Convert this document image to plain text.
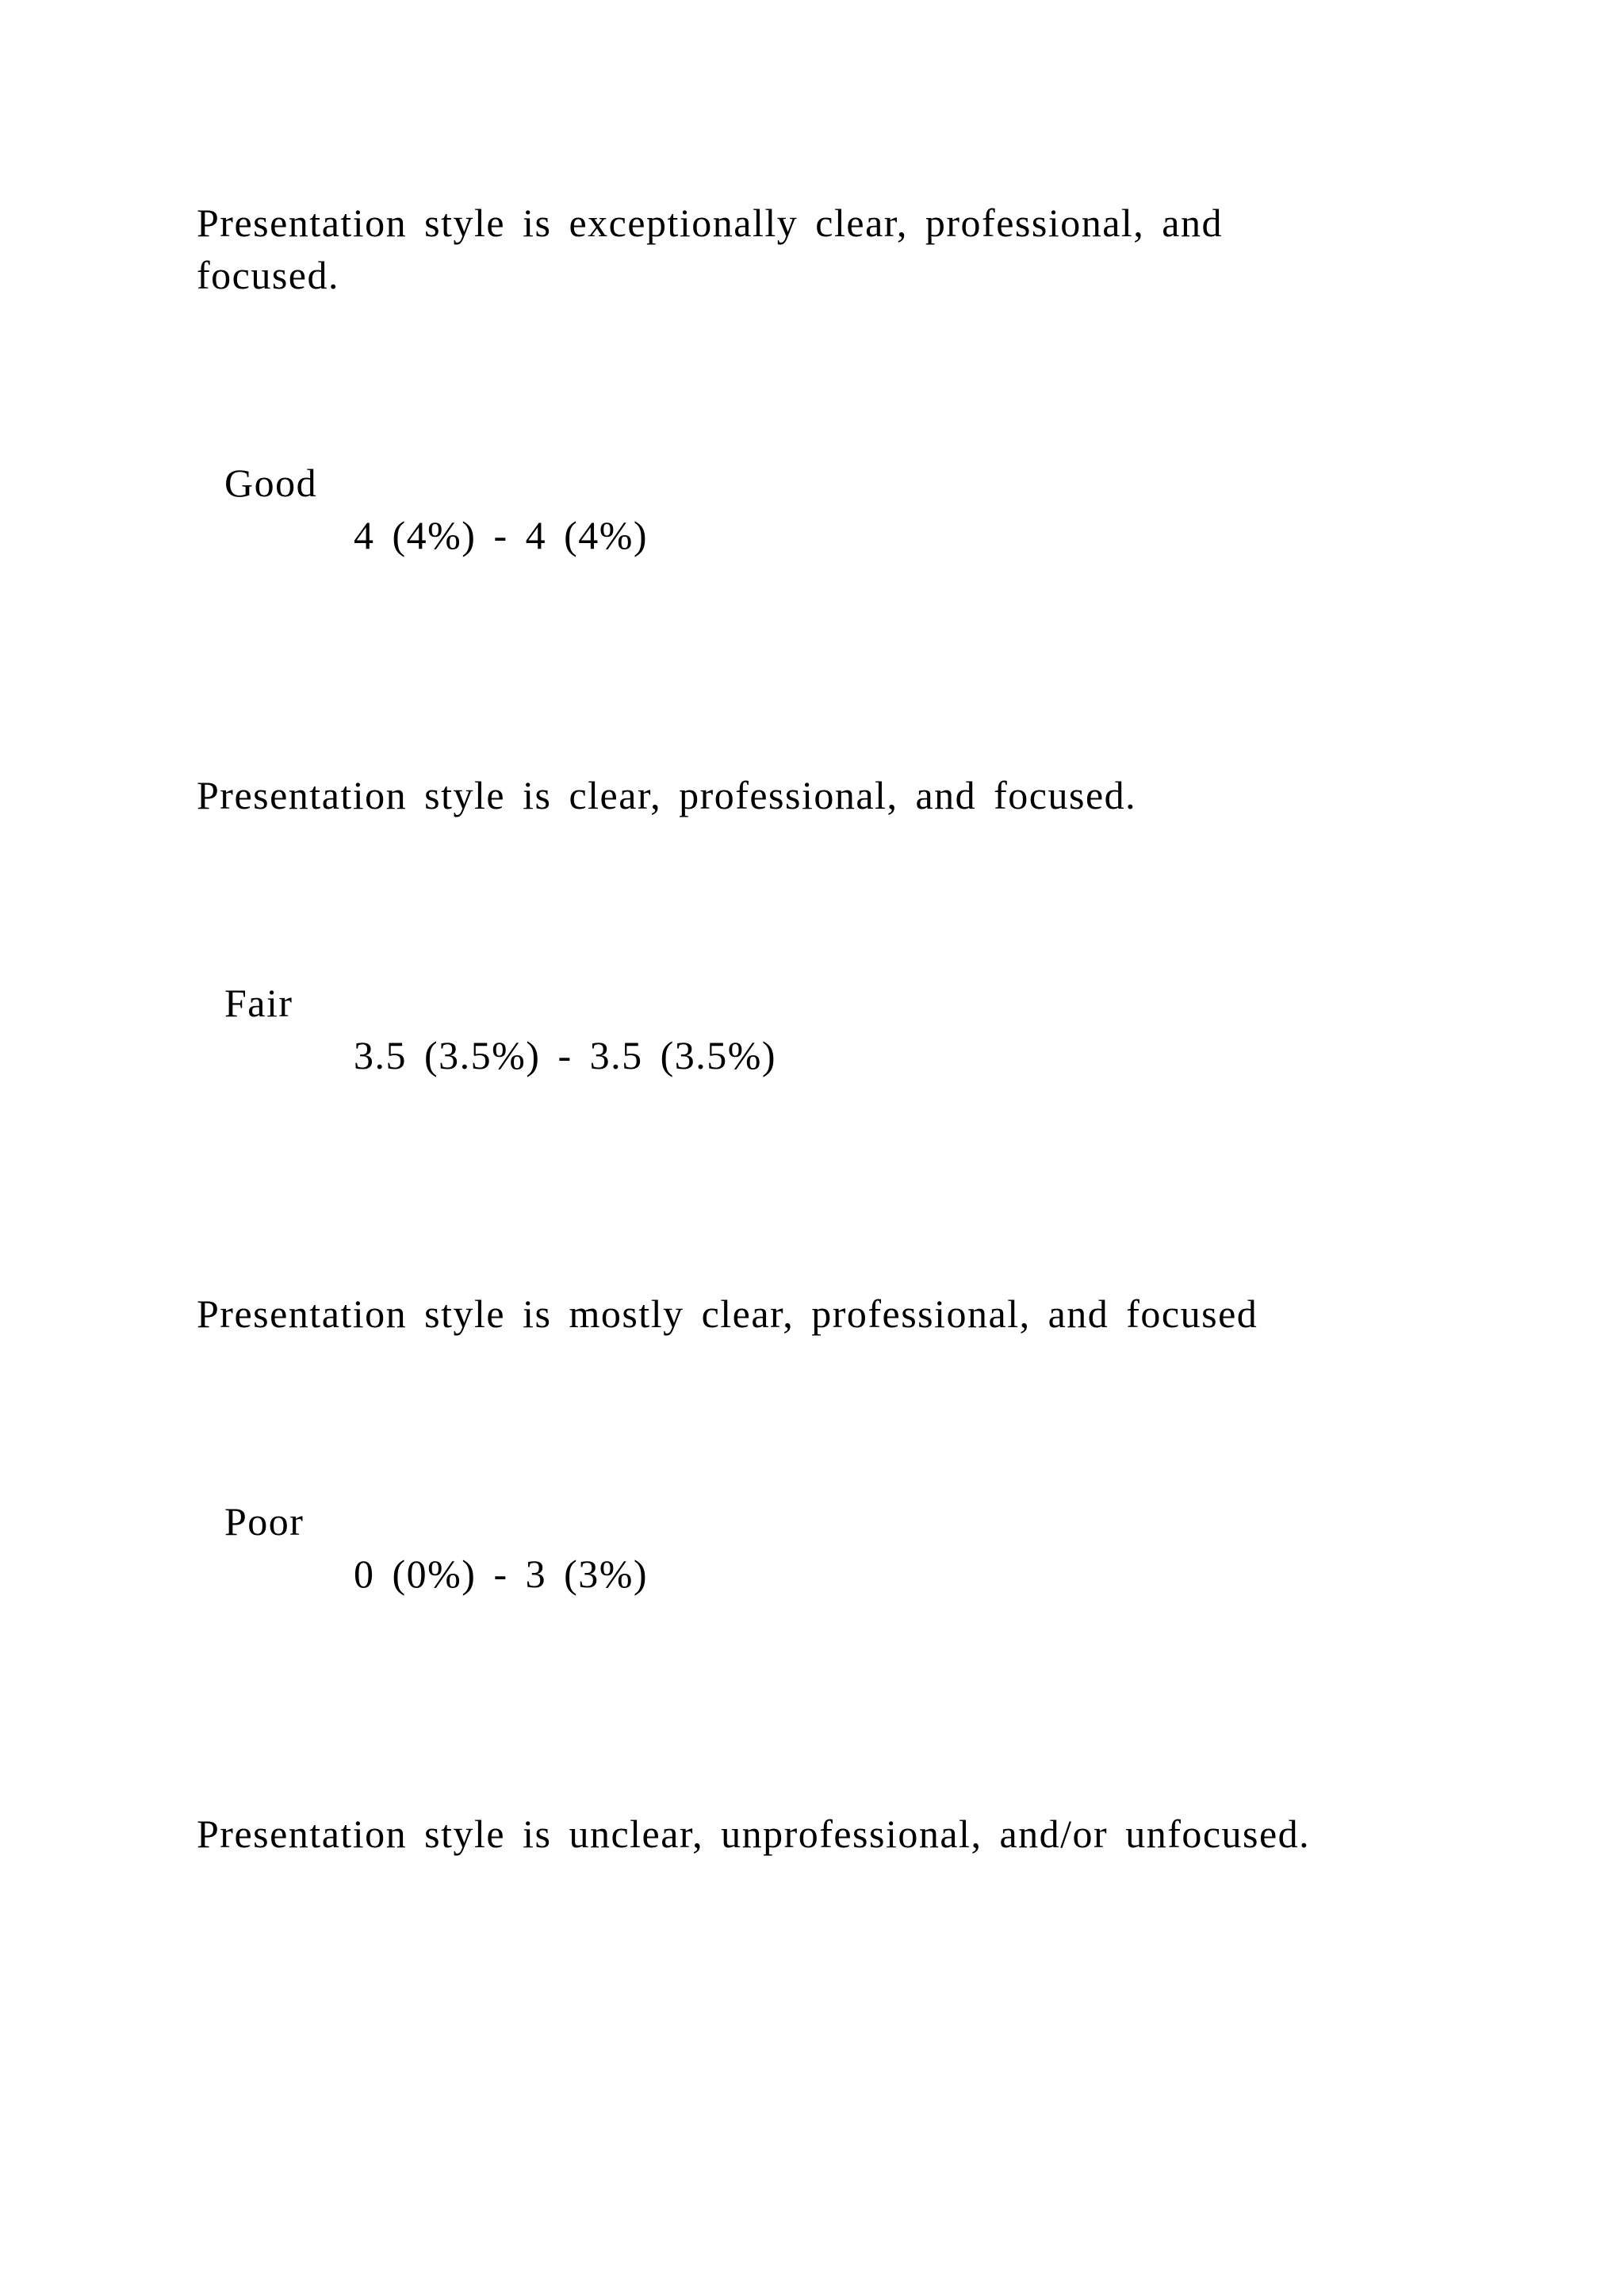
Presentation style is exceptionally clear, professional, and focused.
Good
4 (4%) - 4 (4%)
Presentation style is clear, professional, and focused.
Fair
3.5 (3.5%) - 3.5 (3.5%)
Presentation style is mostly clear, professional, and focused
Poor
0 (0%) - 3 (3%)
Presentation style is unclear, unprofessional, and/or unfocused.
